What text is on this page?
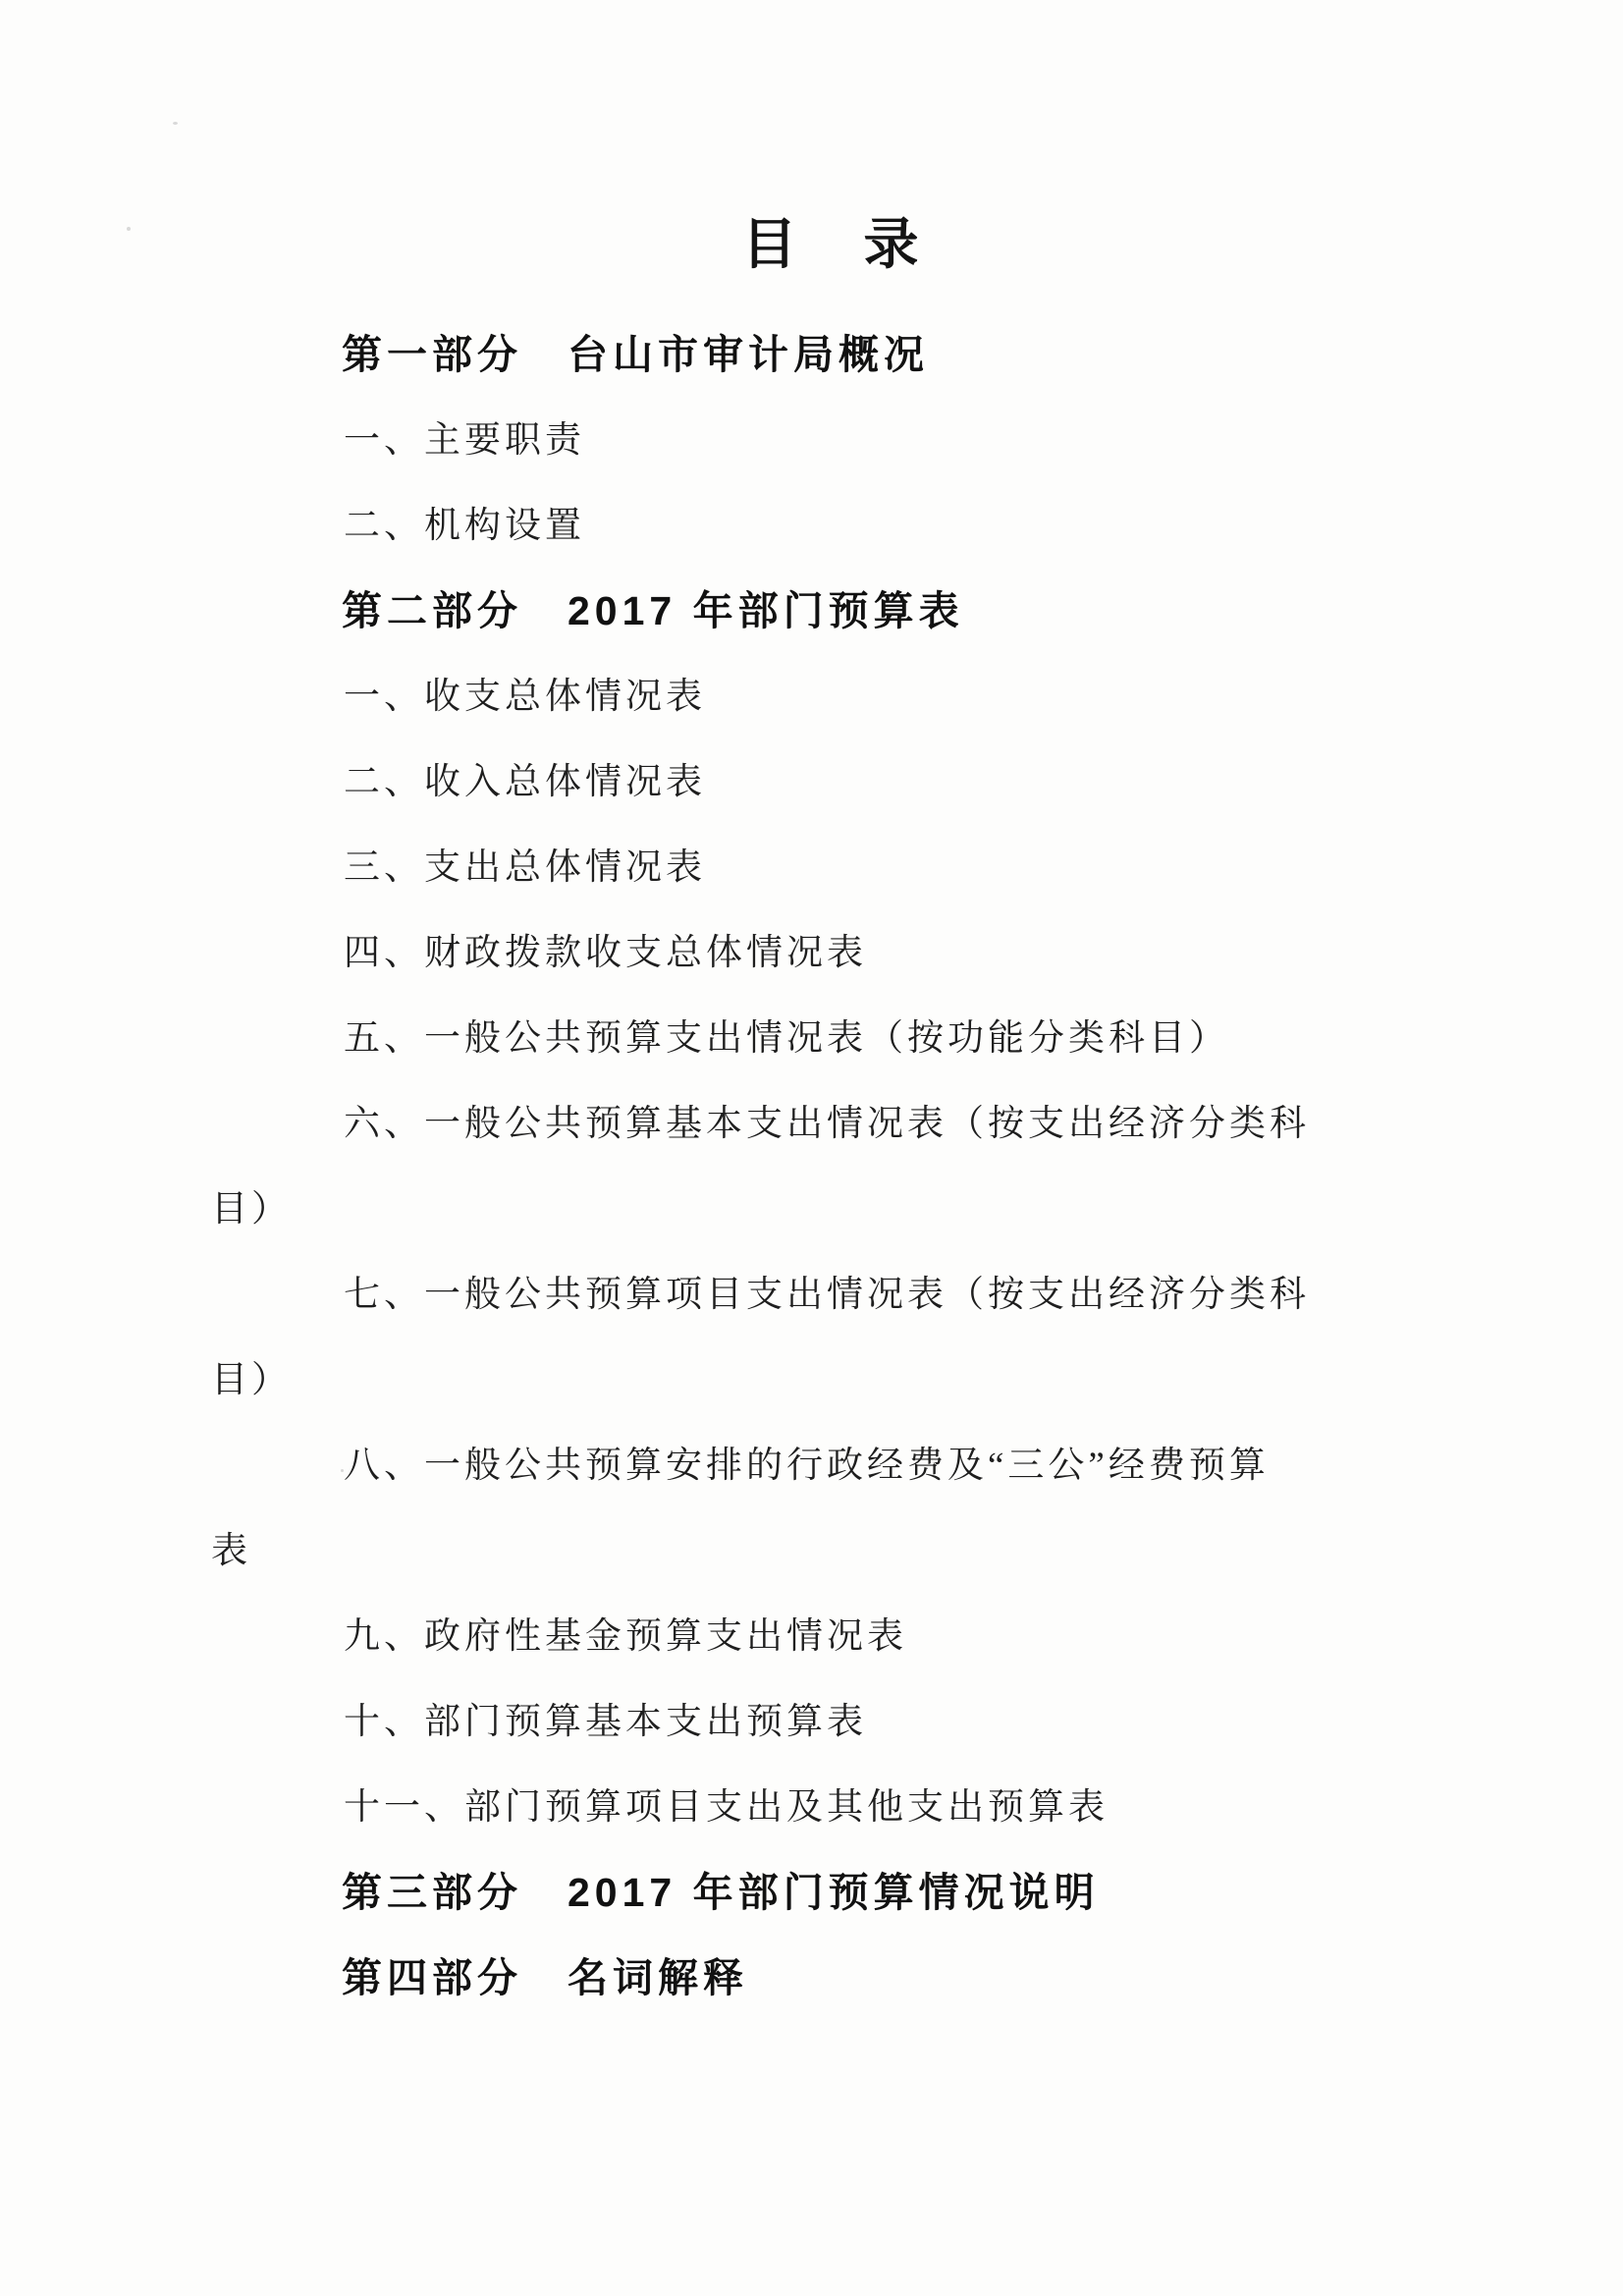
目　录
第一部分　台山市审计局概况
一、主要职责
二、机构设置
第二部分　2017 年部门预算表
一、收支总体情况表
二、收入总体情况表
三、支出总体情况表
四、财政拨款收支总体情况表
五、一般公共预算支出情况表（按功能分类科目）
六、一般公共预算基本支出情况表（按支出经济分类科
目）
七、一般公共预算项目支出情况表（按支出经济分类科
目）
八、一般公共预算安排的行政经费及“三公”经费预算
表
九、政府性基金预算支出情况表
十、部门预算基本支出预算表
十一、部门预算项目支出及其他支出预算表
第三部分　2017 年部门预算情况说明
第四部分　名词解释
